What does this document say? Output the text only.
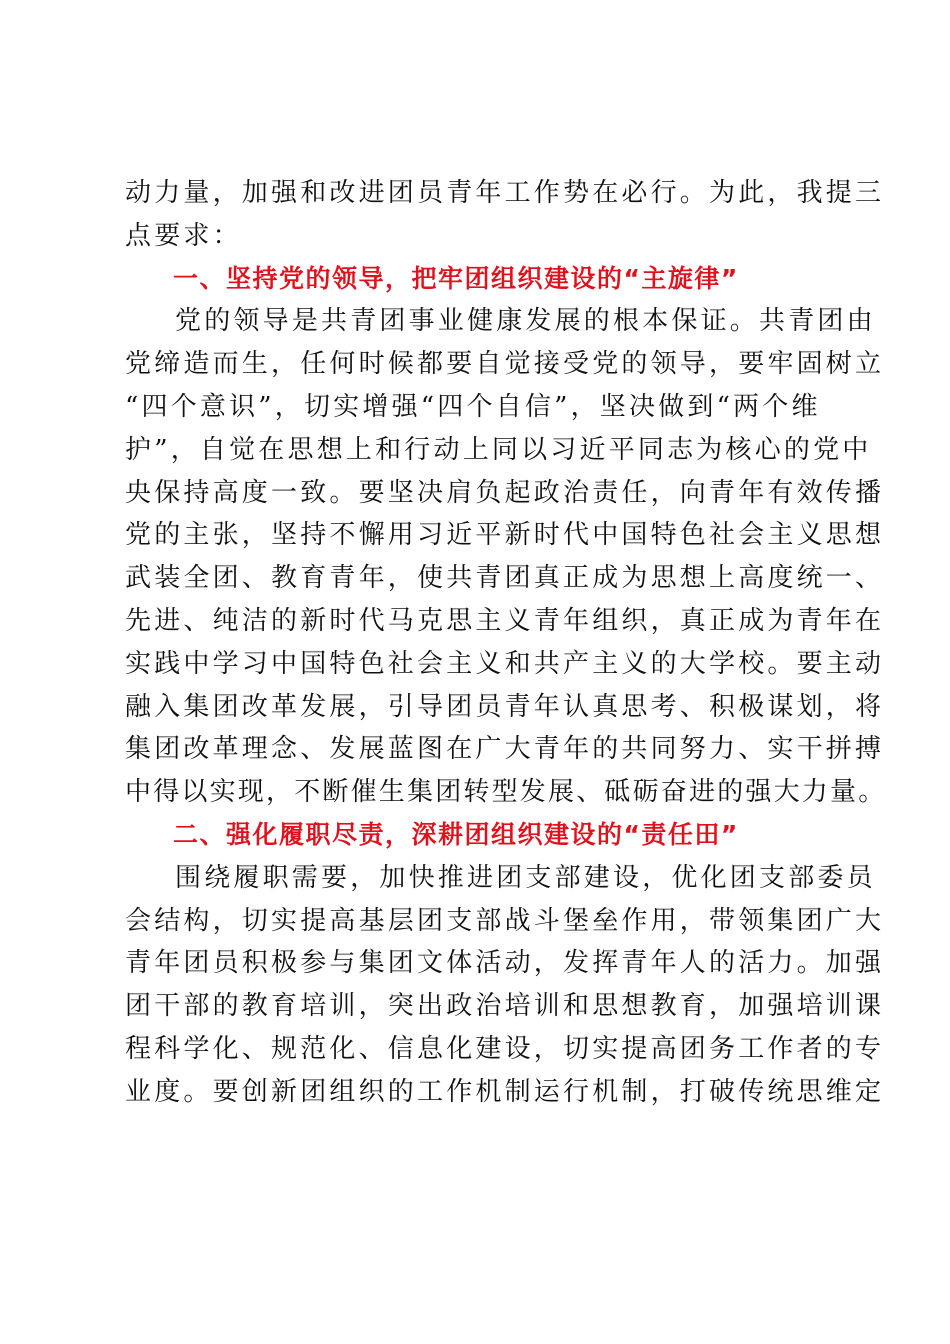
动力量，加强和改进团员青年工作势在必行。为此，我提三
点要求：
一、坚持党的领导，把牢团组织建设的“主旋律”
党的领导是共青团事业健康发展的根本保证。共青团由
党缔造而生，任何时候都要自觉接受党的领导，要牢固树立
“四个意识”，切实增强“四个自信”，坚决做到“两个维
护”，自觉在思想上和行动上同以习近平同志为核心的党中
央保持高度一致。要坚决肩负起政治责任，向青年有效传播
党的主张，坚持不懈用习近平新时代中国特色社会主义思想
武装全团、教育青年，使共青团真正成为思想上高度统一、
先进、纯洁的新时代马克思主义青年组织，真正成为青年在
实践中学习中国特色社会主义和共产主义的大学校。要主动
融入集团改革发展，引导团员青年认真思考、积极谋划，将
集团改革理念、发展蓝图在广大青年的共同努力、实干拼搏
中得以实现，不断催生集团转型发展、砥砺奋进的强大力量。
二、强化履职尽责，深耕团组织建设的“责任田”
围绕履职需要，加快推进团支部建设，优化团支部委员
会结构，切实提高基层团支部战斗堡垒作用，带领集团广大
青年团员积极参与集团文体活动，发挥青年人的活力。加强
团干部的教育培训，突出政治培训和思想教育，加强培训课
程科学化、规范化、信息化建设，切实提高团务工作者的专
业度。要创新团组织的工作机制运行机制，打破传统思维定
